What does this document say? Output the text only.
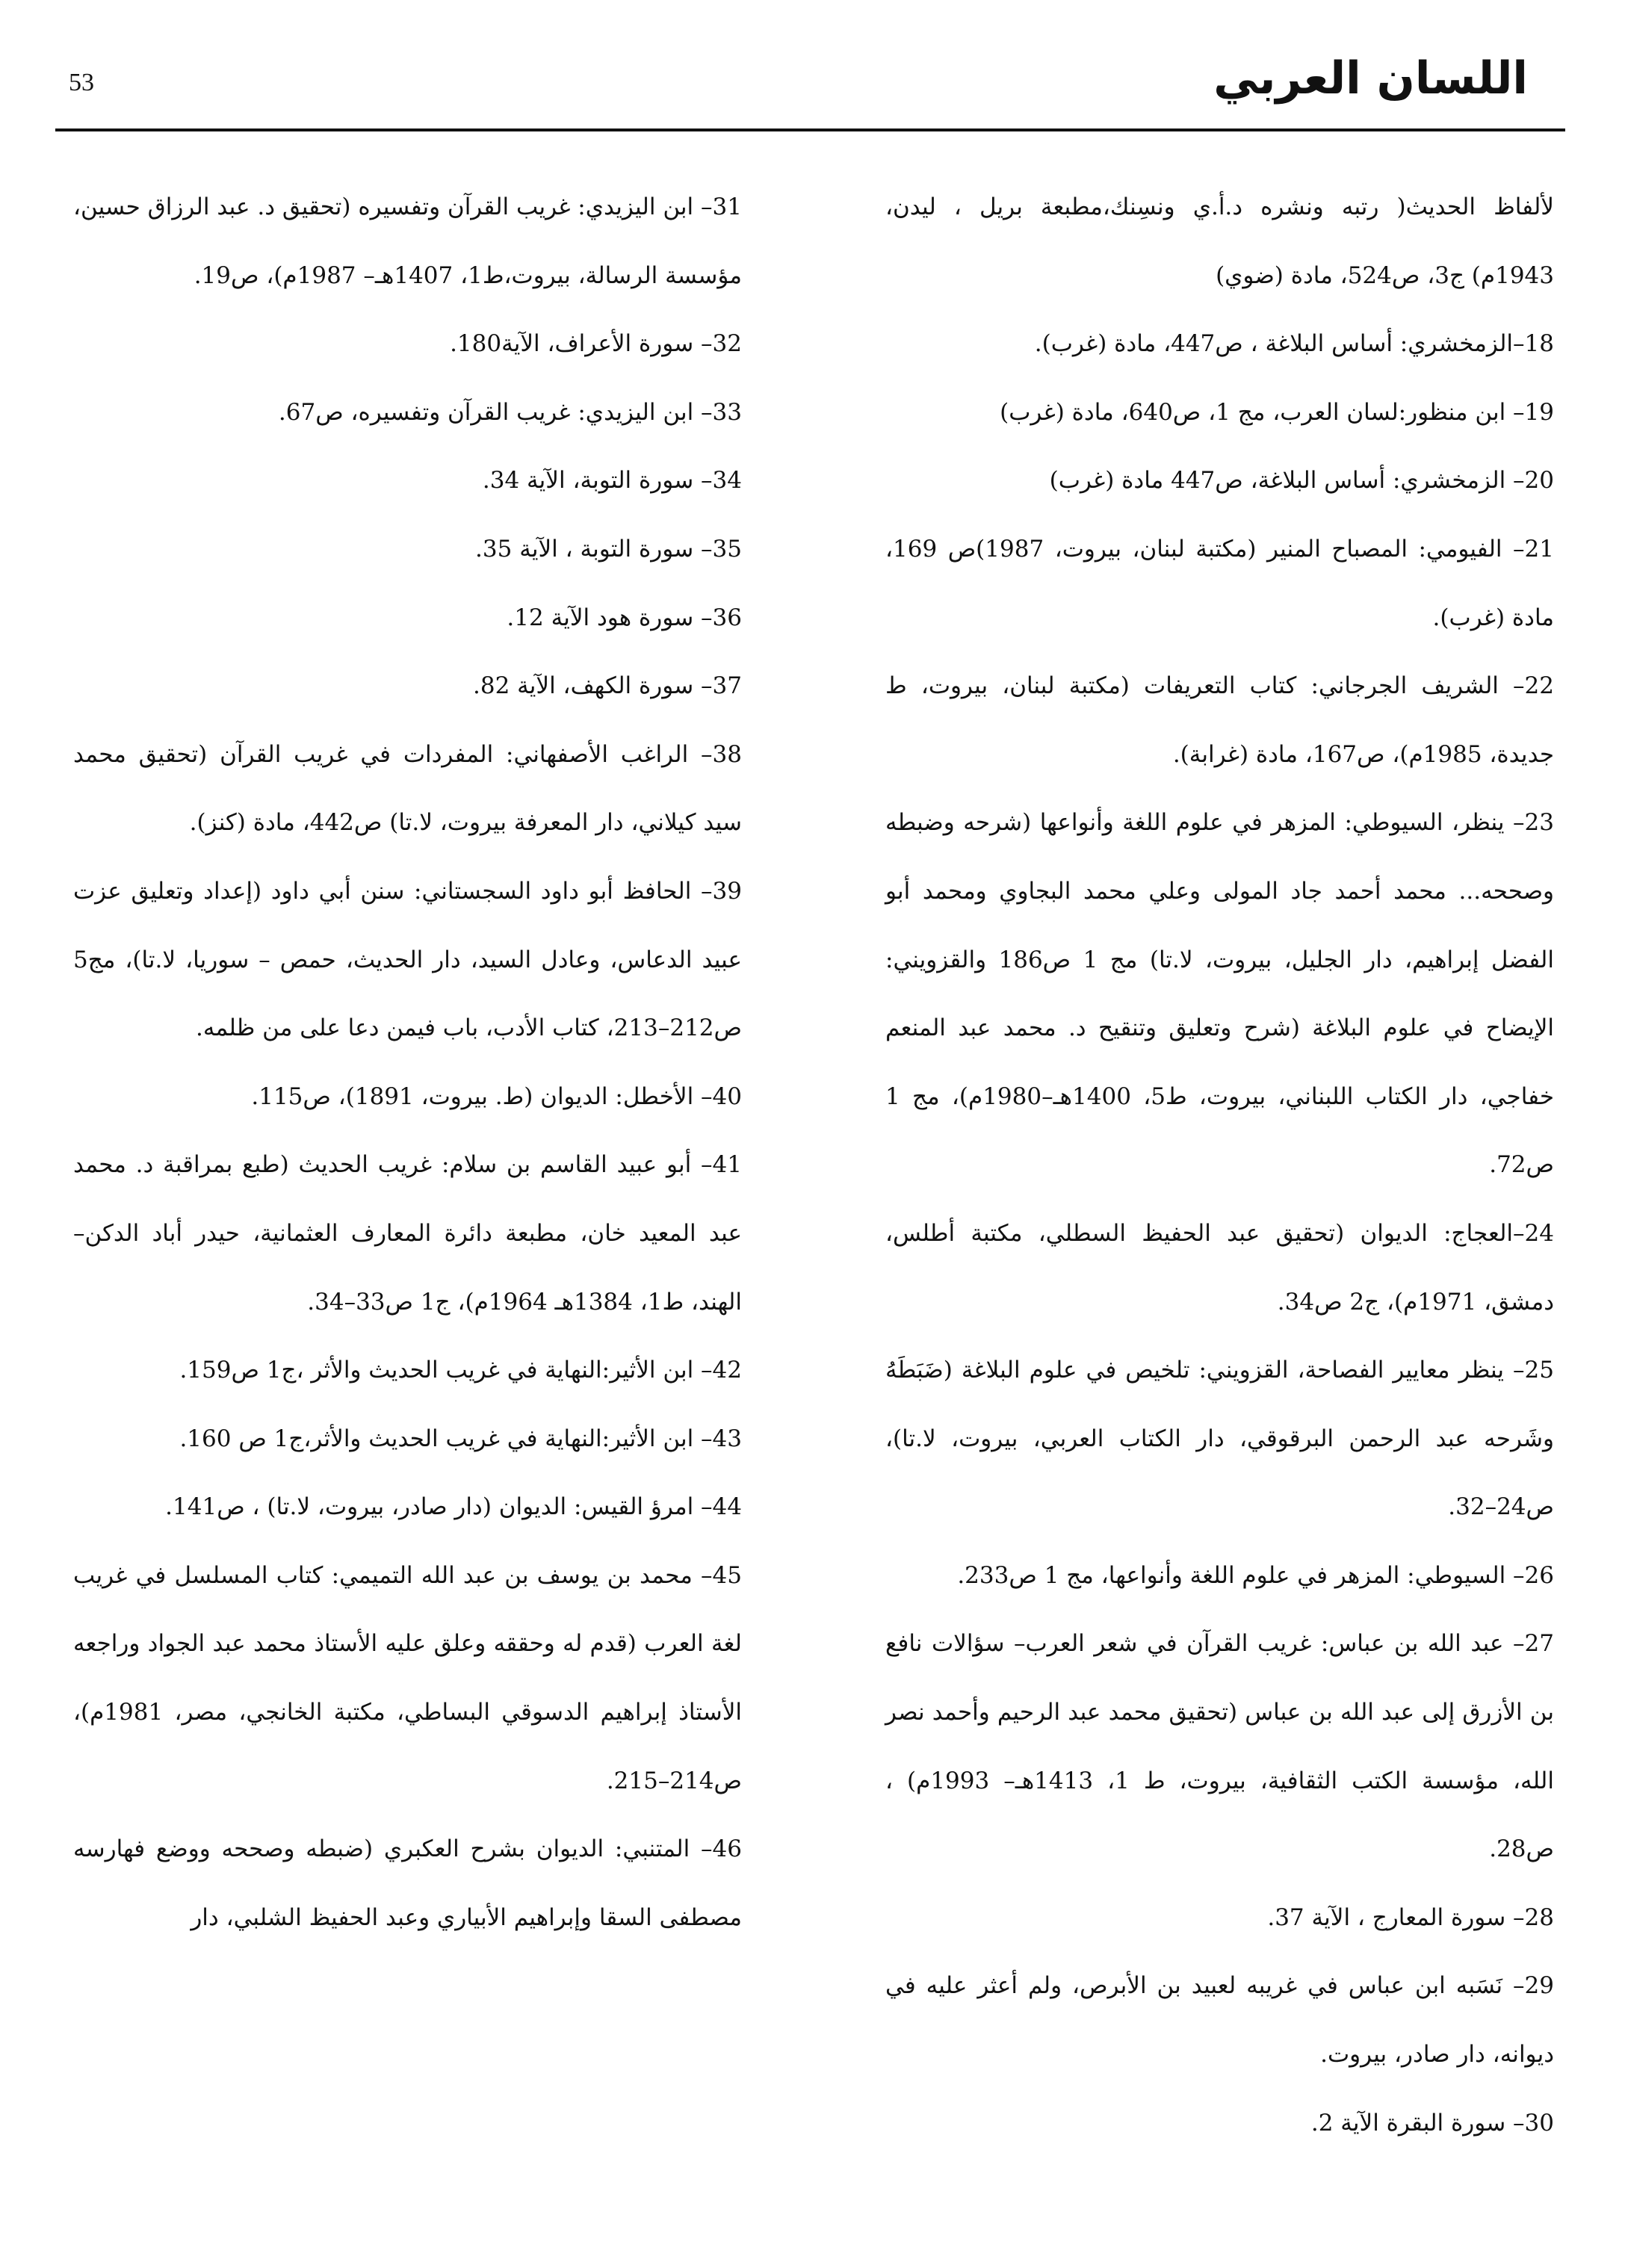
53	اللسان العربي

لألفاظ الحديث( رتبه ونشره د.أ.ي ونسِنك،مطبعة بريل ، ليدن، 1943م) ج3، ص524، مادة (ضوي)

18–الزمخشري: أساس البلاغة ، ص447، مادة (غرب).

19– ابن منظور:لسان العرب، مج 1، ص640، مادة (غرب)

20– الزمخشري: أساس البلاغة، ص447 مادة (غرب)

21– الفيومي: المصباح المنير (مكتبة لبنان، بيروت، 1987)ص 169، مادة (غرب).

22– الشريف الجرجاني: كتاب التعريفات (مكتبة لبنان، بيروت، ط جديدة، 1985م)، ص167، مادة (غرابة).

23– ينظر، السيوطي: المزهر في علوم اللغة وأنواعها (شرحه وضبطه وصححه... محمد أحمد جاد المولى وعلي محمد البجاوي ومحمد أبو الفضل إبراهيم، دار الجليل، بيروت، لا.تا) مج 1 ص186 والقزويني: الإيضاح في علوم البلاغة (شرح وتعليق وتنقيح د. محمد عبد المنعم خفاجي، دار الكتاب اللبناني، بيروت، ط5، 1400هـ–1980م)، مج 1 ص72.

24–العجاج: الديوان (تحقيق عبد الحفيظ السطلي، مكتبة أطلس، دمشق، 1971م)، ج2 ص34.

25– ينظر معايير الفصاحة، القزويني: تلخيص في علوم البلاغة (ضَبَطَهُ وشَرحه عبد الرحمن البرقوقي، دار الكتاب العربي، بيروت، لا.تا)، ص24–32.

26– السيوطي: المزهر في علوم اللغة وأنواعها، مج 1 ص233.

27– عبد الله بن عباس: غريب القرآن في شعر العرب– سؤالات نافع بن الأزرق إلى عبد الله بن عباس (تحقيق محمد عبد الرحيم وأحمد نصر الله، مؤسسة الكتب الثقافية، بيروت، ط 1، 1413هـ– 1993م) ، ص28.

28– سورة المعارج ، الآية 37.

29– نَسَبه ابن عباس في غريبه لعبيد بن الأبرص، ولم أعثر عليه في ديوانه، دار صادر، بيروت.

30– سورة البقرة الآية 2.

31– ابن اليزيدي: غريب القرآن وتفسيره (تحقيق د. عبد الرزاق حسين، مؤسسة الرسالة، بيروت،ط1، 1407هـ– 1987م)، ص19.

32– سورة الأعراف، الآية180.

33– ابن اليزيدي: غريب القرآن وتفسيره، ص67.

34– سورة التوبة، الآية 34.

35– سورة التوبة ، الآية 35.

36– سورة هود الآية 12.

37– سورة الكهف، الآية 82.

38– الراغب الأصفهاني: المفردات في غريب القرآن (تحقيق محمد سيد كيلاني، دار المعرفة بيروت، لا.تا) ص442، مادة (كنز).

39– الحافظ أبو داود السجستاني: سنن أبي داود (إعداد وتعليق عزت عبيد الدعاس، وعادل السيد، دار الحديث، حمص – سوريا، لا.تا)، مج5 ص212–213، كتاب الأدب، باب فيمن دعا على من ظلمه.

40– الأخطل: الديوان (ط. بيروت، 1891)، ص115.

41– أبو عبيد القاسم بن سلام: غريب الحديث (طبع بمراقبة د. محمد عبد المعيد خان، مطبعة دائرة المعارف العثمانية، حيدر أباد الدكن– الهند، ط1، 1384هـ 1964م)، ج1 ص33–34.

42– ابن الأثير:النهاية في غريب الحديث والأثر ،ج1 ص159.

43– ابن الأثير:النهاية في غريب الحديث والأثر،ج1 ص 160.

44– امرؤ القيس: الديوان (دار صادر، بيروت، لا.تا) ، ص141.

45– محمد بن يوسف بن عبد الله التميمي: كتاب المسلسل في غريب لغة العرب (قدم له وحققه وعلق عليه الأستاذ محمد عبد الجواد وراجعه الأستاذ إبراهيم الدسوقي البساطي، مكتبة الخانجي، مصر، 1981م)، ص214–215.

46– المتنبي: الديوان بشرح العكبري (ضبطه وصححه ووضع فهارسه مصطفى السقا وإبراهيم الأبياري وعبد الحفيظ الشلبي، دار
